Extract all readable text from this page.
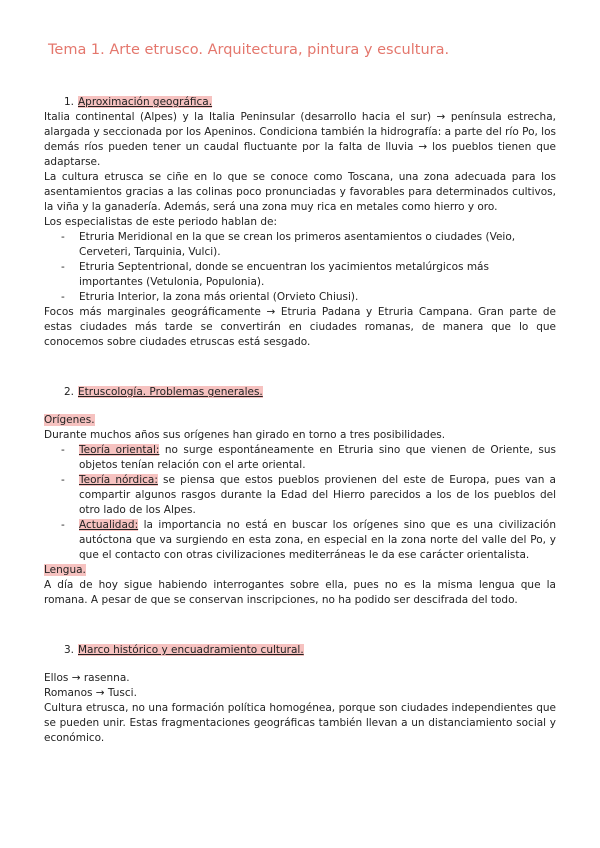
Tema 1. Arte etrusco. Arquitectura, pintura y escultura.
1. Aproximación geográfica.

Italia continental (Alpes) y la Italia Peninsular (desarrollo hacia el sur) → península estrecha, alargada y seccionada por los Apeninos. Condiciona también la hidrografía: a parte del río Po, los demás ríos pueden tener un caudal fluctuante por la falta de lluvia → los pueblos tienen que adaptarse.

La cultura etrusca se ciñe en lo que se conoce como Toscana, una zona adecuada para los asentamientos gracias a las colinas poco pronunciadas y favorables para determinados cultivos, la viña y la ganadería. Además, será una zona muy rica en metales como hierro y oro.

Los especialistas de este periodo hablan de:

- Etruria Meridional en la que se crean los primeros asentamientos o ciudades (Veio, Cerveteri, Tarquinia, Vulci).
- Etruria Septentrional, donde se encuentran los yacimientos metalúrgicos más importantes (Vetulonia, Populonia).
- Etruria Interior, la zona más oriental (Orvieto Chiusi).

Focos más marginales geográficamente → Etruria Padana y Etruria Campana. Gran parte de estas ciudades más tarde se convertirán en ciudades romanas, de manera que lo que conocemos sobre ciudades etruscas está sesgado.

2. Etruscología. Problemas generales.

Orígenes.

Durante muchos años sus orígenes han girado en torno a tres posibilidades.

- Teoría oriental: no surge espontáneamente en Etruria sino que vienen de Oriente, sus objetos tenían relación con el arte oriental.
- Teoría nórdica: se piensa que estos pueblos provienen del este de Europa, pues van a compartir algunos rasgos durante la Edad del Hierro parecidos a los de los pueblos del otro lado de los Alpes.
- Actualidad: la importancia no está en buscar los orígenes sino que es una civilización autóctona que va surgiendo en esta zona, en especial en la zona norte del valle del Po, y que el contacto con otras civilizaciones mediterráneas le da ese carácter orientalista.

Lengua.

A día de hoy sigue habiendo interrogantes sobre ella, pues no es la misma lengua que la romana. A pesar de que se conservan inscripciones, no ha podido ser descifrada del todo.

3. Marco histórico y encuadramiento cultural.

Ellos → rasenna.

Romanos → Tusci.

Cultura etrusca, no una formación política homogénea, porque son ciudades independientes que se pueden unir. Estas fragmentaciones geográficas también llevan a un distanciamiento social y económico.
